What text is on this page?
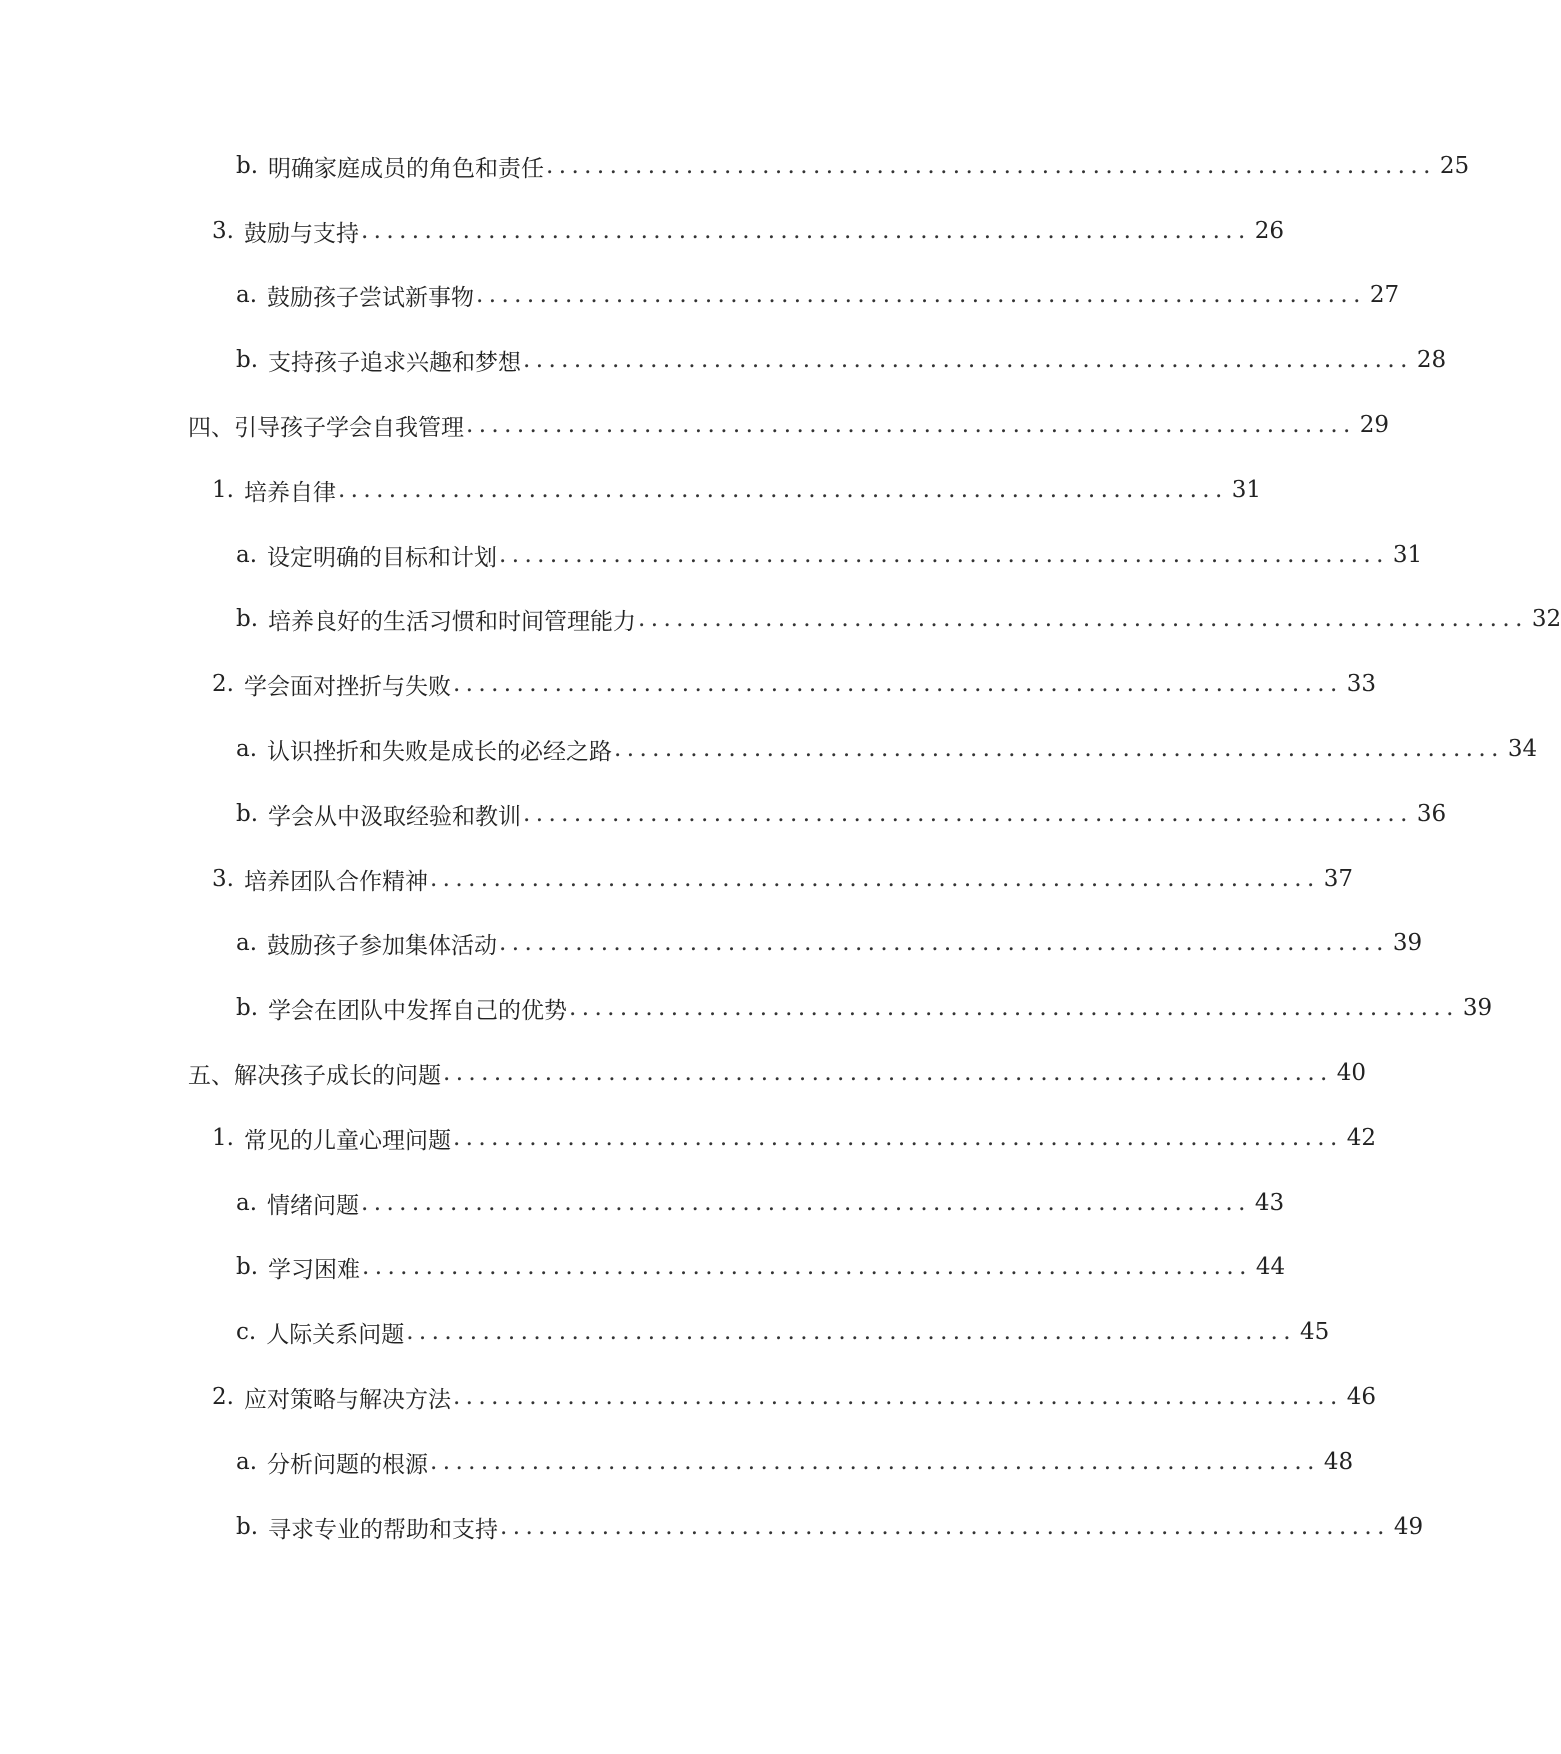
b. 明确家庭成员的角色和责任 ...................................................................... 25
3. 鼓励与支持 ...................................................................... 26
a. 鼓励孩子尝试新事物 ...................................................................... 27
b. 支持孩子追求兴趣和梦想 ...................................................................... 28
四、引导孩子学会自我管理 ...................................................................... 29
1. 培养自律 ...................................................................... 31
a. 设定明确的目标和计划 ...................................................................... 31
b. 培养良好的生活习惯和时间管理能力 ...................................................................... 32
2. 学会面对挫折与失败 ...................................................................... 33
a. 认识挫折和失败是成长的必经之路 ...................................................................... 34
b. 学会从中汲取经验和教训 ...................................................................... 36
3. 培养团队合作精神 ...................................................................... 37
a. 鼓励孩子参加集体活动 ...................................................................... 39
b. 学会在团队中发挥自己的优势 ...................................................................... 39
五、解决孩子成长的问题 ...................................................................... 40
1. 常见的儿童心理问题 ...................................................................... 42
a. 情绪问题 ...................................................................... 43
b. 学习困难 ...................................................................... 44
c. 人际关系问题 ...................................................................... 45
2. 应对策略与解决方法 ...................................................................... 46
a. 分析问题的根源 ...................................................................... 48
b. 寻求专业的帮助和支持 ...................................................................... 49
